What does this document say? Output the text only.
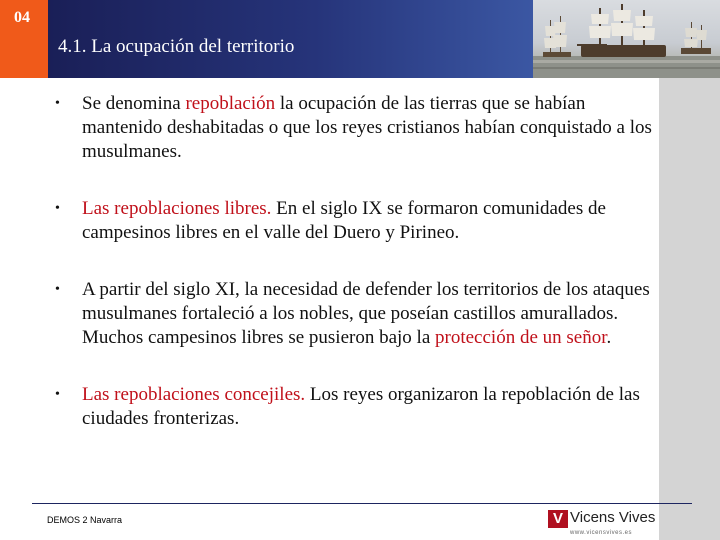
04
4.1. La ocupación del territorio
• Se denomina repoblación la ocupación de las tierras que se habían mantenido deshabitadas o que los reyes cristianos habían conquistado a los musulmanes.
• Las repoblaciones libres. En el siglo IX se formaron comunidades de campesinos libres en el valle del Duero y Pirineo.
• A partir del siglo XI, la necesidad de defender los territorios de los ataques musulmanes fortaleció a los nobles, que poseían castillos amurallados. Muchos campesinos libres se pusieron bajo la protección de un señor.
• Las repoblaciones concejiles. Los reyes organizaron la repoblación de las ciudades fronterizas.
DEMOS 2 Navarra	V Vicens Vives
www.vicensvives.es
